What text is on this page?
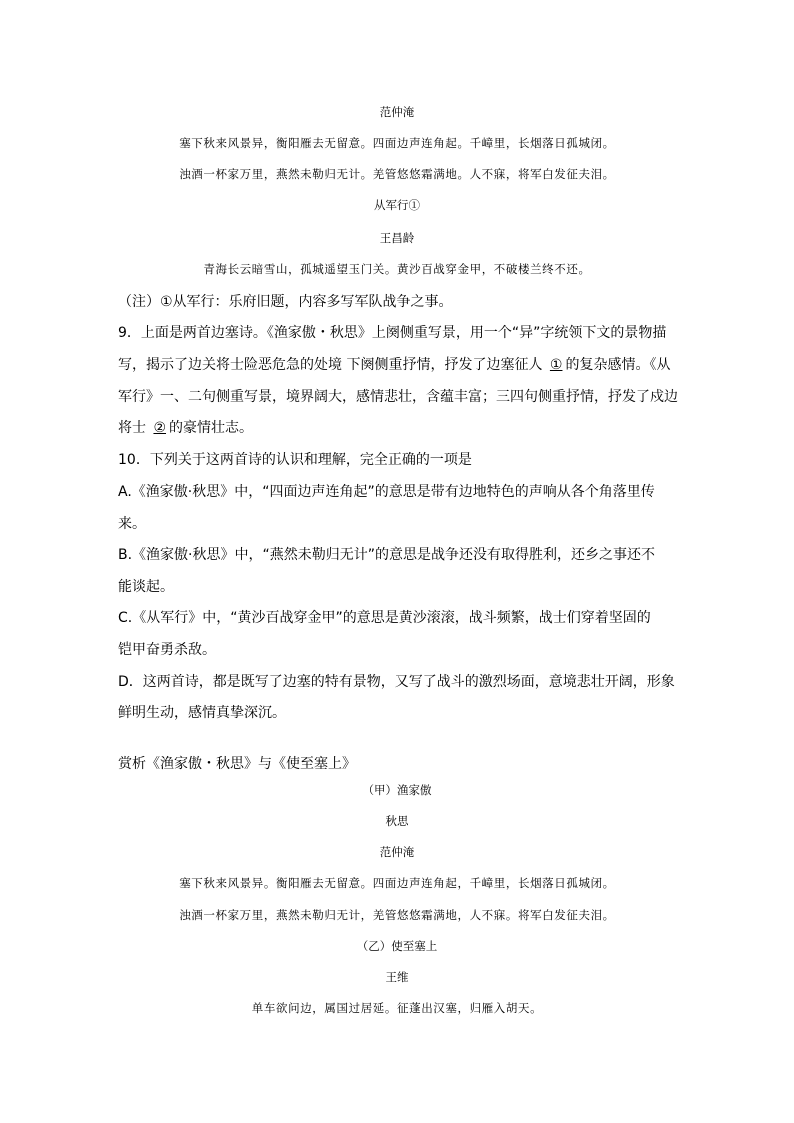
范仲淹
塞下秋来风景异，衡阳雁去无留意。四面边声连角起。千嶂里，长烟落日孤城闭。
浊酒一杯家万里，燕然未勒归无计。羌管悠悠霜满地。人不寐，将军白发征夫泪。
从军行①
王昌龄
青海长云暗雪山，孤城遥望玉门关。黄沙百战穿金甲，不破楼兰终不还。
（注）①从军行：乐府旧题，内容多写军队战争之事。
9．上面是两首边塞诗。《渔家傲・秋思》上阕侧重写景，用一个“异”字统领下文的景物描
写，揭示了边关将士险恶危急的处境 下阕侧重抒情，抒发了边塞征人 ① 的复杂感情。《从
军行》一、二句侧重写景，境界阔大，感情悲壮，含蕴丰富；三四句侧重抒情，抒发了戍边
将士 ② 的豪情壮志。
10．下列关于这两首诗的认识和理解，完全正确的一项是
A.《渔家傲·秋思》中，“四面边声连角起”的意思是带有边地特色的声响从各个角落里传
来。
B.《渔家傲·秋思》中，“燕然未勒归无计”的意思是战争还没有取得胜利，还乡之事还不
能谈起。
C.《从军行》中，“黄沙百战穿金甲”的意思是黄沙滚滚，战斗频繁，战士们穿着坚固的
铠甲奋勇杀敌。
D．这两首诗，都是既写了边塞的特有景物，又写了战斗的激烈场面，意境悲壮开阔，形象
鲜明生动，感情真挚深沉。
赏析《渔家傲・秋思》与《使至塞上》
（甲）渔家傲
秋思
范仲淹
塞下秋来风景异。衡阳雁去无留意。四面边声连角起，千嶂里，长烟落日孤城闭。
浊酒一杯家万里，燕然未勒归无计，羌管悠悠霜满地，人不寐。将军白发征夫泪。
（乙）使至塞上
王维
单车欲问边，属国过居延。征蓬出汉塞，归雁入胡天。
